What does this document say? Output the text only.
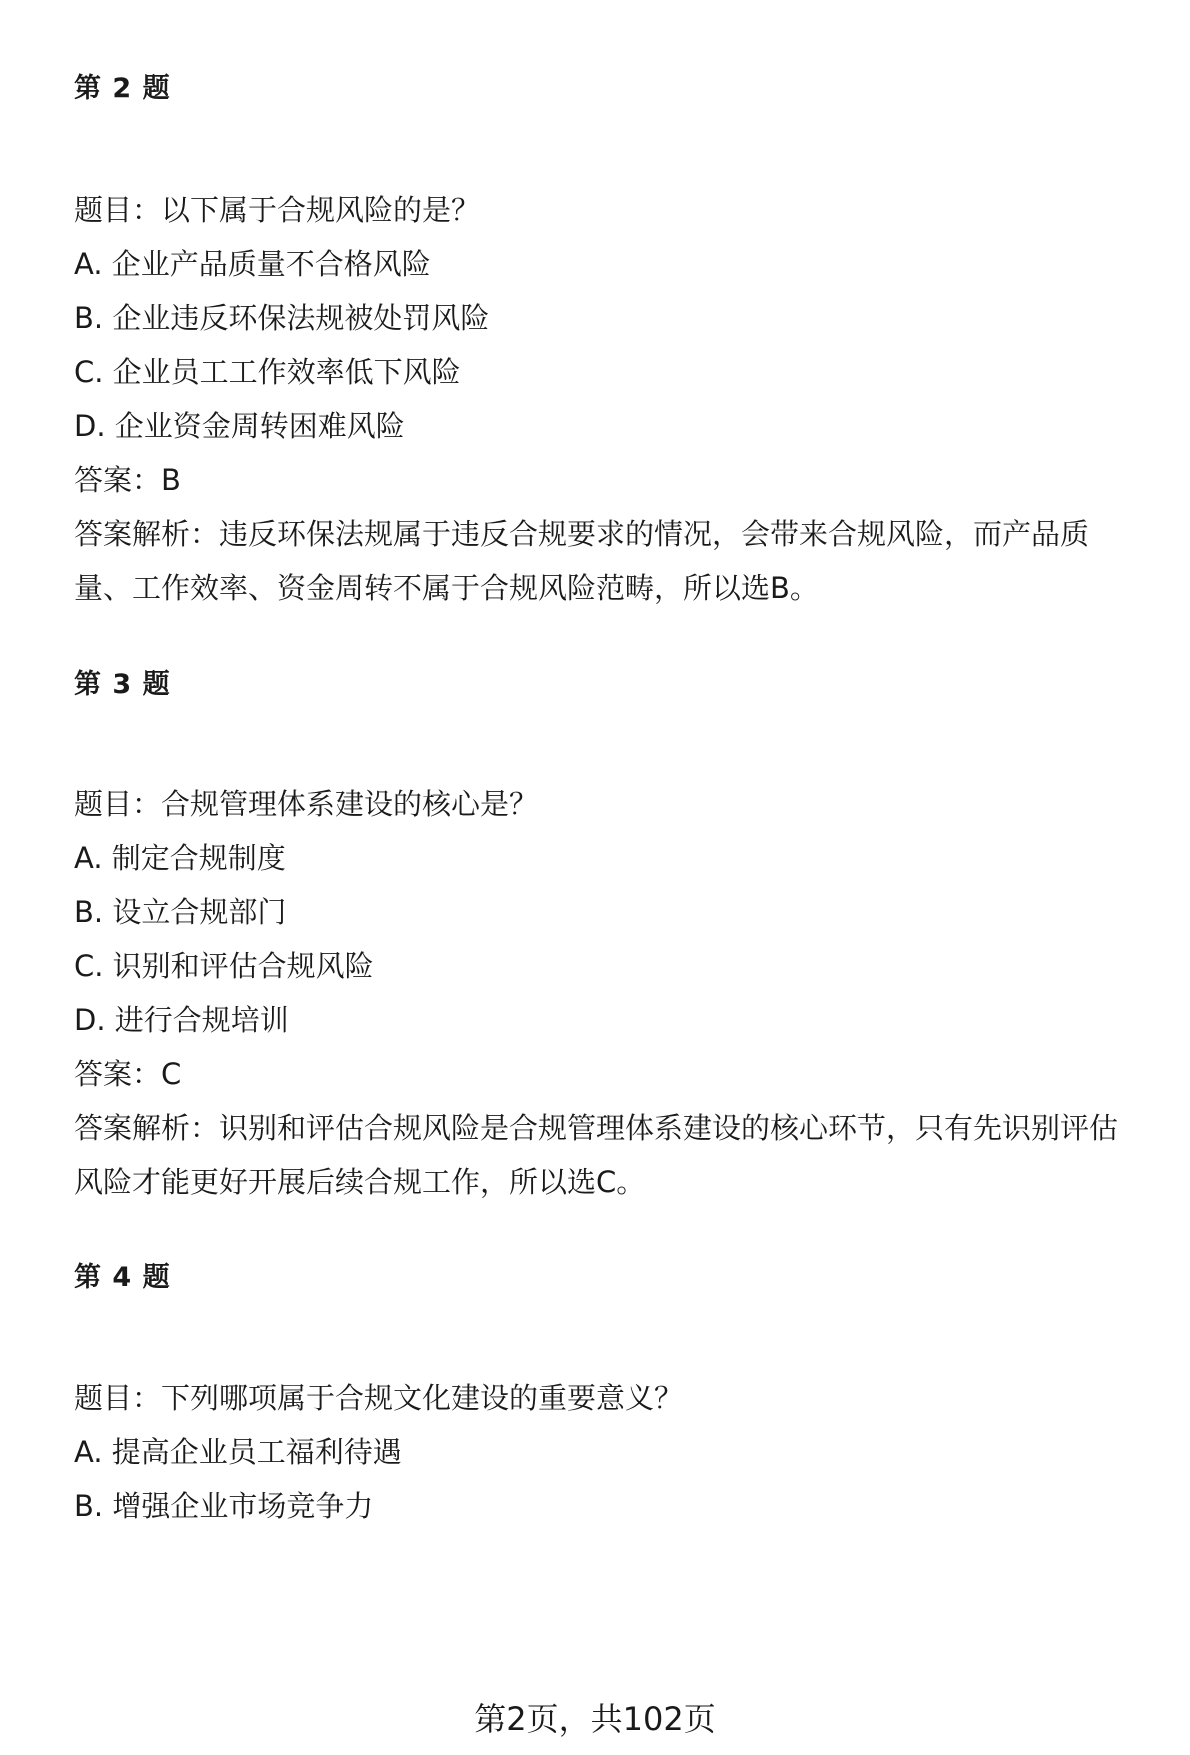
第 2 题
题目：以下属于合规风险的是？
A. 企业产品质量不合格风险
B. 企业违反环保法规被处罚风险
C. 企业员工工作效率低下风险
D. 企业资金周转困难风险
答案：B
答案解析：违反环保法规属于违反合规要求的情况，会带来合规风险，而产品质
量、工作效率、资金周转不属于合规风险范畴，所以选B。
第 3 题
题目：合规管理体系建设的核心是？
A. 制定合规制度
B. 设立合规部门
C. 识别和评估合规风险
D. 进行合规培训
答案：C
答案解析：识别和评估合规风险是合规管理体系建设的核心环节，只有先识别评估
风险才能更好开展后续合规工作，所以选C。
第 4 题
题目：下列哪项属于合规文化建设的重要意义？
A. 提高企业员工福利待遇
B. 增强企业市场竞争力
第2页，共102页
